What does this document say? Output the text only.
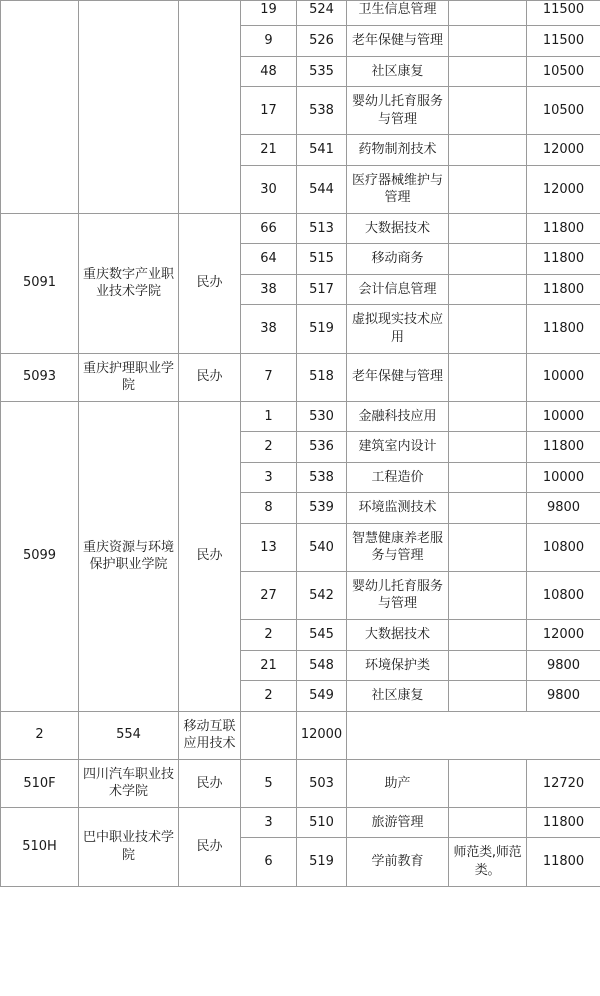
			19	524	卫生信息管理		11500
			9	526	老年保健与管理		11500
			48	535	社区康复		10500
			17	538	婴幼儿托育服务与管理		10500
			21	541	药物制剂技术		12000
			30	544	医疗器械维护与管理		12000
5091	重庆数字产业职业技术学院	民办	66	513	大数据技术		11800
			64	515	移动商务		11800
			38	517	会计信息管理		11800
			38	519	虚拟现实技术应用		11800
5093	重庆护理职业学院	民办	7	518	老年保健与管理		10000
5099	重庆资源与环境保护职业学院	民办	1	530	金融科技应用		10000
			2	536	建筑室内设计		11800
			3	538	工程造价		10000
			8	539	环境监测技术		9800
			13	540	智慧健康养老服务与管理		10800
			27	542	婴幼儿托育服务与管理		10800
			2	545	大数据技术		12000
			21	548	环境保护类		9800
			2	549	社区康复		9800
2	554	移动互联应用技术		12000			
510F	四川汽车职业技术学院	民办	5	503	助产		12720
510H	巴中职业技术学院	民办	3	510	旅游管理		11800
			6	519	学前教育	师范类,师范类。	11800
